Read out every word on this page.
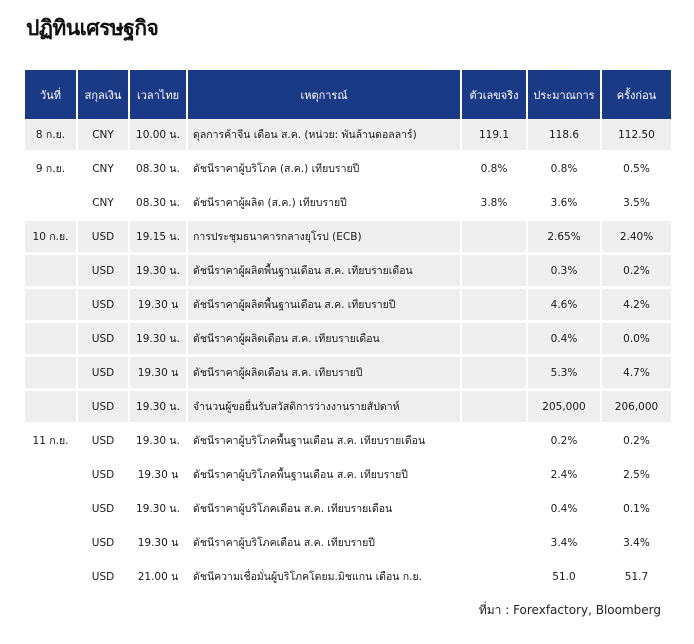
ปฏิทินเศรษฐกิจ
วันที่	สกุลเงิน	เวลาไทย	เหตุการณ์	ตัวเลขจริง	ประมาณการ	ครั้งก่อน
8 ก.ย.	CNY	10.00 น.	ดุลการค้าจีน เดือน ส.ค. (หน่วย: พันล้านดอลลาร์)	119.1	118.6	112.50
9 ก.ย.	CNY	08.30 น.	ดัชนีราคาผู้บริโภค (ส.ค.) เทียบรายปี	0.8%	0.8%	0.5%
	CNY	08.30 น.	ดัชนีราคาผู้ผลิต (ส.ค.) เทียบรายปี	3.8%	3.6%	3.5%
10 ก.ย.	USD	19.15 น.	การประชุมธนาคารกลางยุโรป (ECB)		2.65%	2.40%
	USD	19.30 น.	ดัชนีราคาผู้ผลิตพื้นฐานเดือน ส.ค. เทียบรายเดือน		0.3%	0.2%
	USD	19.30 น	ดัชนีราคาผู้ผลิตพื้นฐานเดือน ส.ค. เทียบรายปี		4.6%	4.2%
	USD	19.30 น.	ดัชนีราคาผู้ผลิตเดือน ส.ค. เทียบรายเดือน		0.4%	0.0%
	USD	19.30 น	ดัชนีราคาผู้ผลิตเดือน ส.ค. เทียบรายปี		5.3%	4.7%
	USD	19.30 น.	จำนวนผู้ขอยื่นรับสวัสดิการว่างงานรายสัปดาห์		205,000	206,000
11 ก.ย.	USD	19.30 น.	ดัชนีราคาผู้บริโภคพื้นฐานเดือน ส.ค. เทียบรายเดือน		0.2%	0.2%
	USD	19.30 น	ดัชนีราคาผู้บริโภคพื้นฐานเดือน ส.ค. เทียบรายปี		2.4%	2.5%
	USD	19.30 น.	ดัชนีราคาผู้บริโภคเดือน ส.ค. เทียบรายเดือน		0.4%	0.1%
	USD	19.30 น	ดัชนีราคาผู้บริโภคเดือน ส.ค. เทียบรายปี		3.4%	3.4%
	USD	21.00 น	ดัชนีความเชื่อมั่นผู้บริโภคโดยม.มิชแกน เดือน ก.ย.		51.0	51.7
ที่มา : Forexfactory, Bloomberg
